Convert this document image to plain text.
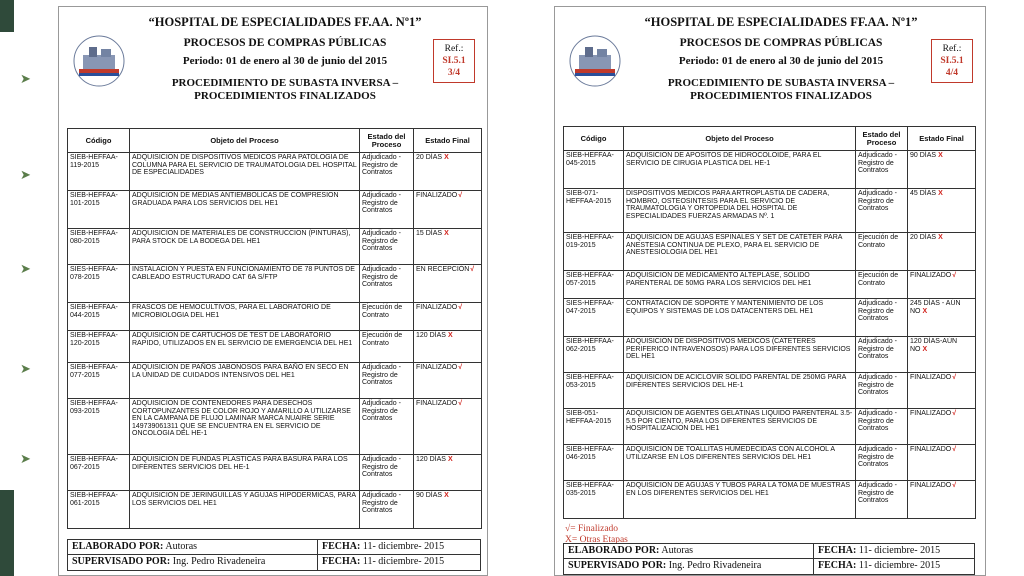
➤
➤
➤
➤
➤
“HOSPITAL DE ESPECIALIDADES FF.AA. Nº1”
PROCESOS DE COMPRAS PÚBLICAS
Periodo: 01 de enero al 30 de junio del 2015
PROCEDIMIENTO DE SUBASTA INVERSA –
PROCEDIMIENTOS FINALIZADOS
Ref.:
SI.5.1
3/4
Código	Objeto del Proceso	Estado del Proceso	Estado Final
SIEB-HEFFAA-119-2015	ADQUISICION DE DISPOSITIVOS MEDICOS PARA PATOLOGIA DE COLUMNA PARA EL SERVICIO DE TRAUMATOLOGIA DEL HOSPITAL DE ESPECIALIDADES	Adjudicado - Registro de Contratos	20 DÍAS X
SIEB-HEFFAA-101-2015	ADQUISICION DE MEDIAS ANTIEMBOLICAS DE COMPRESION GRADUADA PARA LOS SERVICIOS DEL HE1	Adjudicado - Registro de Contratos	FINALIZADO√
SIEB-HEFFAA-080-2015	ADQUISICION DE MATERIALES DE CONSTRUCCION (PINTURAS), PARA STOCK DE LA BODEGA DEL HE1	Adjudicado - Registro de Contratos	15 DÍAS X
SIES-HEFFAA-078-2015	INSTALACION Y PUESTA EN FUNCIONAMIENTO DE 78 PUNTOS DE CABLEADO ESTRUCTURADO CAT 6A S/FTP	Adjudicado - Registro de Contratos	EN RECEPCIÓN√
SIEB-HEFFAA-044-2015	FRASCOS DE HEMOCULTIVOS, PARA EL LABORATORIO DE MICROBIOLOGIA DEL HE1	Ejecución de Contrato	FINALIZADO√
SIEB-HEFFAA-120-2015	ADQUISICION DE CARTUCHOS DE TEST DE LABORATORIO RAPIDO, UTILIZADOS EN EL SERVICIO DE EMERGENCIA DEL HE1	Ejecución de Contrato	120 DÍAS X
SIEB-HEFFAA-077-2015	ADQUISICION DE PAÑOS JABONOSOS PARA BAÑO EN SECO EN LA UNIDAD DE CUIDADOS INTENSIVOS DEL HE1	Adjudicado - Registro de Contratos	FINALIZADO√
SIEB-HEFFAA-093-2015	ADQUISICION DE CONTENEDORES PARA DESECHOS CORTOPUNZANTES DE COLOR ROJO Y AMARILLO A UTILIZARSE EN LA CAMPANA DE FLUJO LAMINAR MARCA NUAIRE SERIE 149739061311 QUE SE ENCUENTRA EN EL SERVICIO DE ONCOLOGIA DEL HE-1	Adjudicado - Registro de Contratos	FINALIZADO√
SIEB-HEFFAA-067-2015	ADQUISICION DE FUNDAS PLASTICAS PARA BASURA PARA LOS DIFERENTES SERVICIOS DEL HE-1	Adjudicado - Registro de Contratos	120 DÍAS X
SIEB-HEFFAA-061-2015	ADQUISICION DE JERINGUILLAS Y AGUJAS HIPODERMICAS, PARA LOS SERVICIOS DEL HE1	Adjudicado - Registro de Contratos	90 DÍAS X
ELABORADO POR: Autoras	FECHA: 11- diciembre- 2015
SUPERVISADO POR: Ing. Pedro Rivadeneira	FECHA: 11- diciembre- 2015
“HOSPITAL DE ESPECIALIDADES FF.AA. Nº1”
PROCESOS DE COMPRAS PÚBLICAS
Periodo: 01 de enero al 30 de junio del 2015
PROCEDIMIENTO DE SUBASTA INVERSA –
PROCEDIMIENTOS FINALIZADOS
Ref.:
SI.5.1
4/4
Código	Objeto del Proceso	Estado del Proceso	Estado Final
SIEB-HEFFAA-045-2015	ADQUISICION DE APOSITOS DE HIDROCOLOIDE, PARA EL SERVICIO DE CIRUGIA PLASTICA DEL HE-1	Adjudicado - Registro de Contratos	90 DÍAS X
SIEB-071-HEFFAA-2015	DISPOSITIVOS MEDICOS PARA ARTROPLASTIA DE CADERA, HOMBRO, OSTEOSINTESIS PARA EL SERVICIO DE TRAUMATOLOGIA Y ORTOPEDIA DEL HOSPITAL DE ESPECIALIDADES FUERZAS ARMADAS Nº. 1	Adjudicado - Registro de Contratos	45 DÍAS X
SIEB-HEFFAA-019-2015	ADQUISICION DE AGUJAS ESPINALES Y SET DE CATETER PARA ANESTESIA CONTINUA DE PLEXO, PARA EL SERVICIO DE ANESTESIOLOGIA DEL HE1	Ejecución de Contrato	20 DÍAS X
SIEB-HEFFAA-057-2015	ADQUISICION DE MEDICAMENTO ALTEPLASE, SOLIDO PARENTERAL DE 50MG PARA LOS SERVICIOS DEL HE1	Ejecución de Contrato	FINALIZADO√
SIES-HEFFAA-047-2015	CONTRATACION DE SOPORTE Y MANTENIMIENTO DE LOS EQUIPOS Y SISTEMAS DE LOS DATACENTERS DEL HE1	Adjudicado - Registro de Contratos	245 DÍAS - AÚN NO X
SIEB-HEFFAA-062-2015	ADQUISICION DE DISPOSITIVOS MEDICOS (CATETERES PERIFERICO INTRAVENOSOS) PARA LOS DIFERENTES SERVICIOS DEL HE1	Adjudicado - Registro de Contratos	120 DÍAS-AÚN NO X
SIEB-HEFFAA-053-2015	ADQUISICION DE ACICLOVIR SOLIDO PARENTAL DE 250MG PARA DIFERENTES SERVICIOS DEL HE-1	Adjudicado - Registro de Contratos	FINALIZADO√
SIEB-051-HEFFAA-2015	ADQUISICION DE AGENTES GELATINAS LIQUIDO PARENTERAL 3.5-5.5 POR CIENTO, PARA LOS DIFERENTES SERVICIOS DE HOSPITALIZACION DEL HE1	Adjudicado - Registro de Contratos	FINALIZADO√
SIEB-HEFFAA-046-2015	ADQUISICION DE TOALLITAS HUMEDECIDAS CON ALCOHOL A UTILIZARSE EN LOS DIFERENTES SERVICIOS DEL HE1	Adjudicado - Registro de Contratos	FINALIZADO√
SIEB-HEFFAA-035-2015	ADQUISICION DE AGUJAS Y TUBOS PARA LA TOMA DE MUESTRAS EN LOS DIFERENTES SERVICIOS DEL HE1	Adjudicado - Registro de Contratos	FINALIZADO√
√= Finalizado
X= Otras Etapas
ELABORADO POR: Autoras	FECHA: 11- diciembre- 2015
SUPERVISADO POR: Ing. Pedro Rivadeneira	FECHA: 11- diciembre- 2015
